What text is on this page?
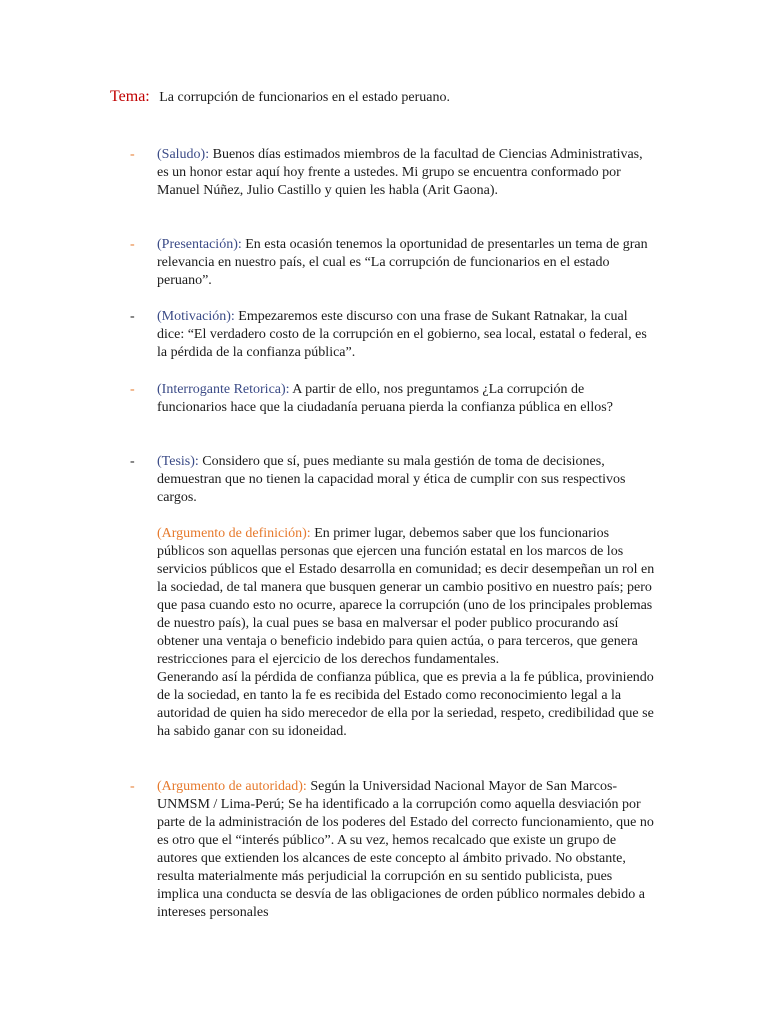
Tema: La corrupción de funcionarios en el estado peruano.
- (Saludo): Buenos días estimados miembros de la facultad de Ciencias Administrativas, es un honor estar aquí hoy frente a ustedes. Mi grupo se encuentra conformado por Manuel Núñez, Julio Castillo y quien les habla (Arit Gaona).

- (Presentación): En esta ocasión tenemos la oportunidad de presentarles un tema de gran relevancia en nuestro país, el cual es “La corrupción de funcionarios en el estado peruano”.

- (Motivación): Empezaremos este discurso con una frase de Sukant Ratnakar, la cual dice: “El verdadero costo de la corrupción en el gobierno, sea local, estatal o federal, es la pérdida de la confianza pública”.

- (Interrogante Retorica): A partir de ello, nos preguntamos ¿La corrupción de funcionarios hace que la ciudadanía peruana pierda la confianza pública en ellos?

- (Tesis): Considero que sí, pues mediante su mala gestión de toma de decisiones, demuestran que no tienen la capacidad moral y ética de cumplir con sus respectivos cargos.

(Argumento de definición): En primer lugar, debemos saber que los funcionarios públicos son aquellas personas que ejercen una función estatal en los marcos de los servicios públicos que el Estado desarrolla en comunidad; es decir desempeñan un rol en la sociedad, de tal manera que busquen generar un cambio positivo en nuestro país; pero que pasa cuando esto no ocurre, aparece la corrupción (uno de los principales problemas de nuestro país), la cual pues se basa en malversar el poder publico procurando así obtener una ventaja o beneficio indebido para quien actúa, o para terceros, que genera restricciones para el ejercicio de los derechos fundamentales.

Generando así la pérdida de confianza pública, que es previa a la fe pública, proviniendo de la sociedad, en tanto la fe es recibida del Estado como reconocimiento legal a la autoridad de quien ha sido merecedor de ella por la seriedad, respeto, credibilidad que se ha sabido ganar con su idoneidad.

- (Argumento de autoridad): Según la Universidad Nacional Mayor de San Marcos-UNMSM / Lima-Perú; Se ha identificado a la corrupción como aquella desviación por parte de la administración de los poderes del Estado del correcto funcionamiento, que no es otro que el “interés público”. A su vez, hemos recalcado que existe un grupo de autores que extienden los alcances de este concepto al ámbito privado. No obstante, resulta materialmente más perjudicial la corrupción en su sentido publicista, pues implica una conducta se desvía de las obligaciones de orden público normales debido a intereses personales
